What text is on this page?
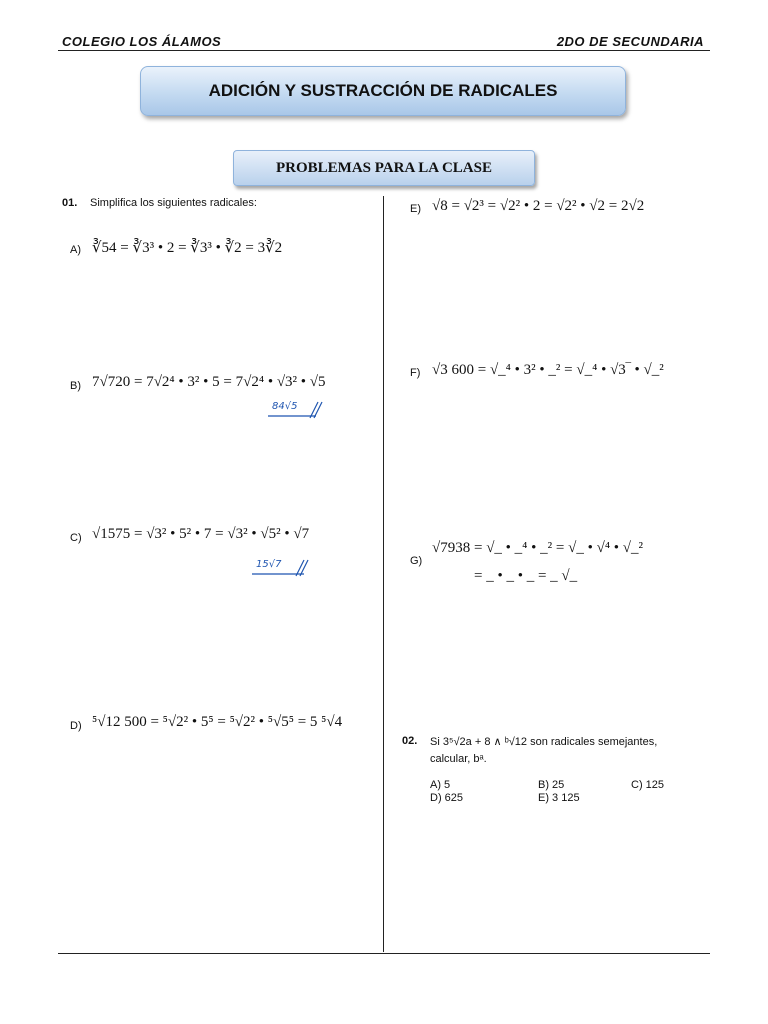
COLEGIO LOS ÁLAMOS	2DO DE SECUNDARIA
ADICIÓN Y SUSTRACCIÓN DE RADICALES
PROBLEMAS PARA LA CLASE
01. Simplifica los siguientes radicales:
A) ∛54 = ∛3³ • 2 = ∛3³ • ∛2 = 3∛2
B) 7√720 = 7√2⁴ • 3² • 5 = 7√2⁴ • √3² • √5
84√5
C) √1575 = √3² • 5² • 7 = √3² • √5² • √7
15√7
D) ⁵√12 500 = ⁵√2² • 5⁵ = ⁵√2² • ⁵√5⁵ = 5 ⁵√4
E) √8 = √2³ = √2² • 2 = √2² • √2 = 2√2
F) √3 600 = √_⁴ • 3² • _² = √_⁴ • √3‾ • √_²
G)
√7938 = √_ • _⁴ • _² = √_ • √⁴ • √_²
= _ • _ • _ = _ √_
02. Si 3⁵√2a + 8 ∧ ᵇ√12 son radicales semejantes,
calcular, bᵃ.
A) 5	B) 25	C) 125
D) 625	E) 3 125
